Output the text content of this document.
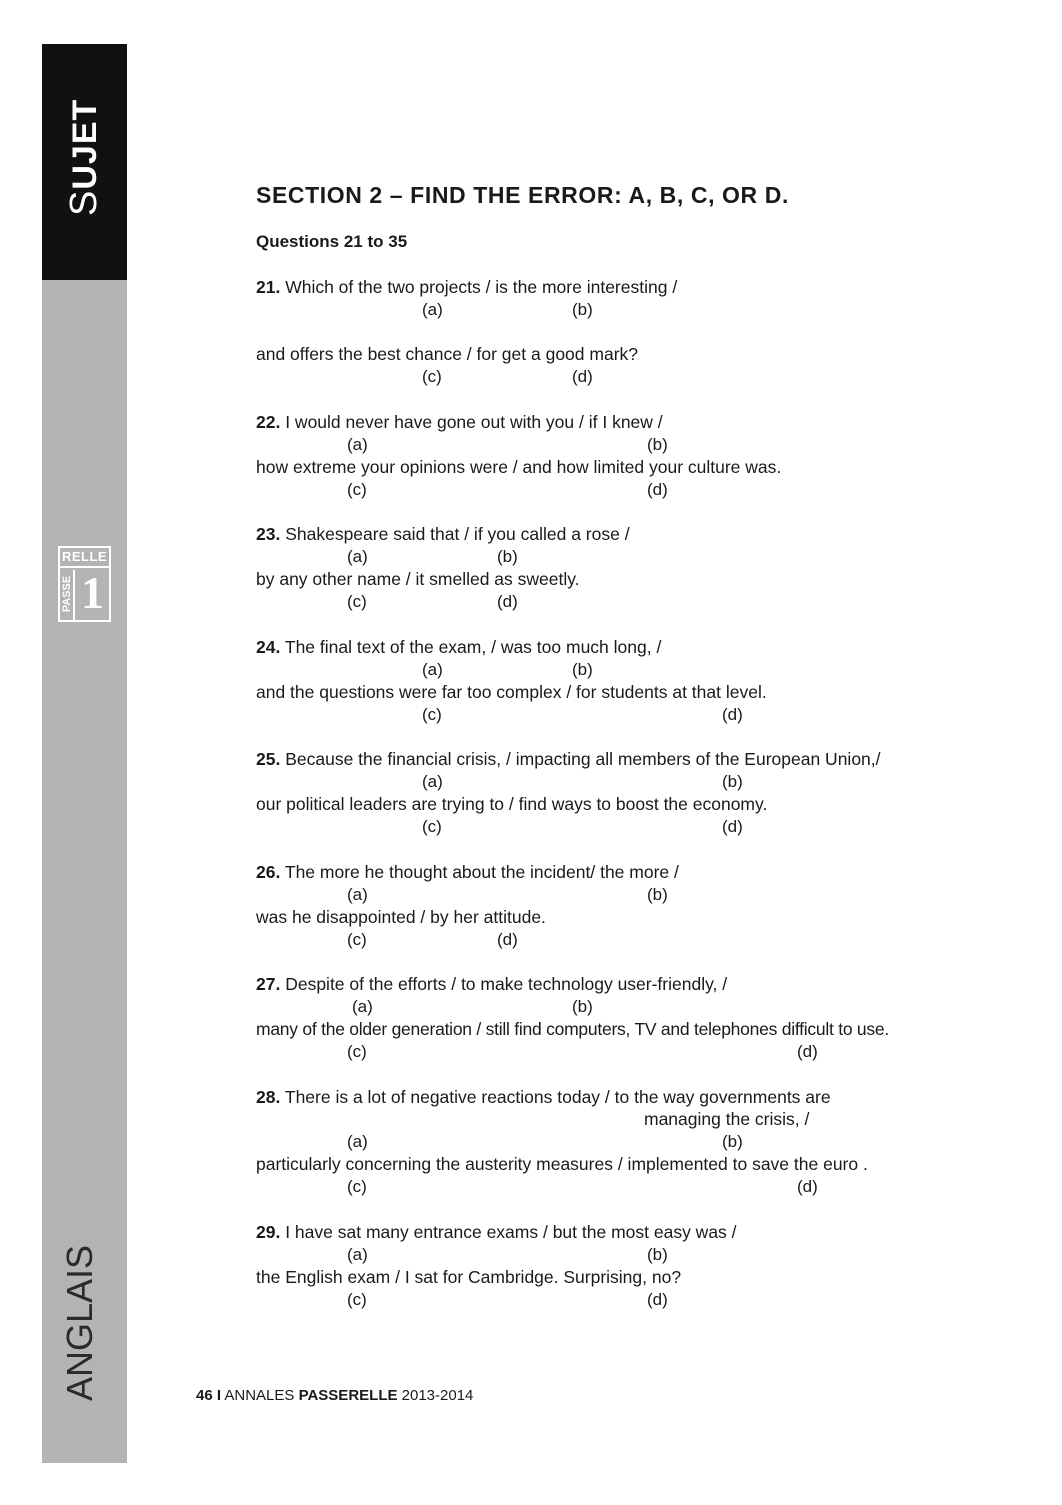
SUJET
RELLE
PASSE 1
ANGLAIS
SECTION 2 – FIND THE ERROR: A, B, C, OR D.
Questions 21 to 35
21. Which of the two projects / is the more interesting /
(a)	(b)
and offers the best chance / for get a good mark?
(c)	(d)
22. I would never have gone out with you / if I knew /
(a)	(b)
how extreme your opinions were / and how limited your culture was.
(c)	(d)
23. Shakespeare said that / if you called a rose /
(a)	(b)
by any other name / it smelled as sweetly.
(c)	(d)
24. The final text of the exam, / was too much long, /
(a)	(b)
and the questions were far too complex / for students at that level.
(c)	(d)
25. Because the financial crisis, / impacting all members of the European Union,/
(a)	(b)
our political leaders are trying to / find ways to boost the economy.
(c)	(d)
26. The more he thought about the incident/ the more /
(a)	(b)
was he disappointed / by her attitude.
(c)	(d)
27. Despite of the efforts / to make technology user-friendly, /
(a)	(b)
many of the older generation / still find computers, TV and telephones difficult to use.
(c)	(d)
28. There is a lot of negative reactions today / to the way governments are
managing the crisis, /
(a)	(b)
particularly concerning the austerity measures / implemented to save the euro .
(c)	(d)
29. I have sat many entrance exams / but the most easy was /
(a)	(b)
the English exam / I sat for Cambridge. Surprising, no?
(c)	(d)
46 I ANNALES PASSERELLE 2013-2014
